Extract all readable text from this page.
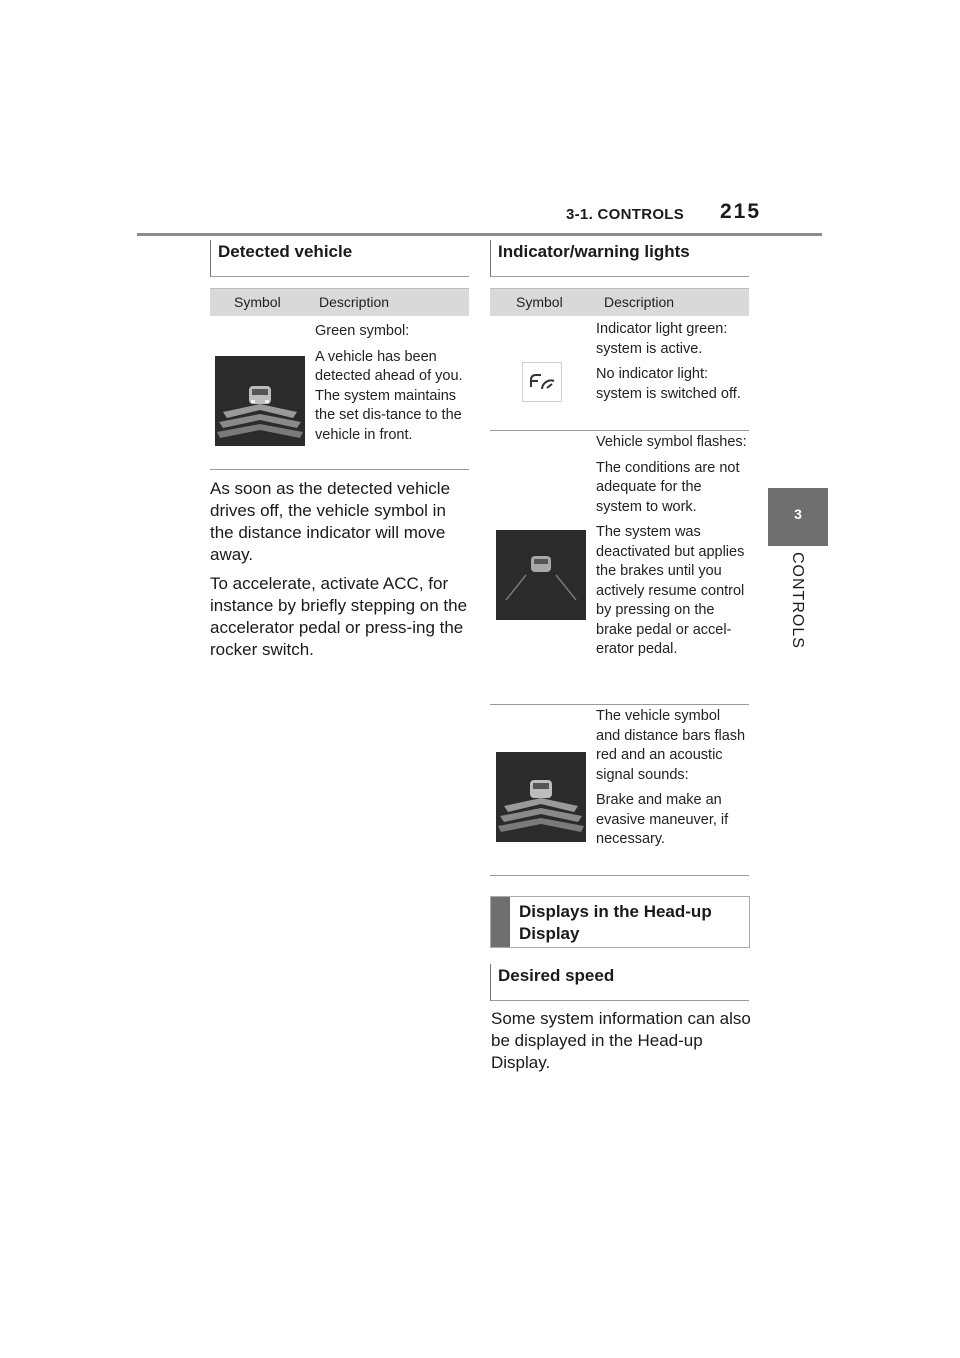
3-1. CONTROLS 215
3
CONTROLS
Detected vehicle
Symbol	Description

Green symbol:

A vehicle has been detected ahead of you. The system maintains the set dis-tance to the vehicle in front.

As soon as the detected vehicle drives off, the vehicle symbol in the distance indicator will move away.

To accelerate, activate ACC, for instance by briefly stepping on the accelerator pedal or press-ing the rocker switch.

Indicator/warning lights
Symbol	Description

Indicator light green: system is active.

No indicator light: system is switched off.

Vehicle symbol flashes:

The conditions are not adequate for the system to work.

The system was deactivated but applies the brakes until you actively resume control by pressing on the brake pedal or accel-erator pedal.

The vehicle symbol and distance bars flash red and an acoustic signal sounds:

Brake and make an evasive maneuver, if necessary.

Displays in the Head-up Display
Desired speed

Some system information can also be displayed in the Head-up Display.
